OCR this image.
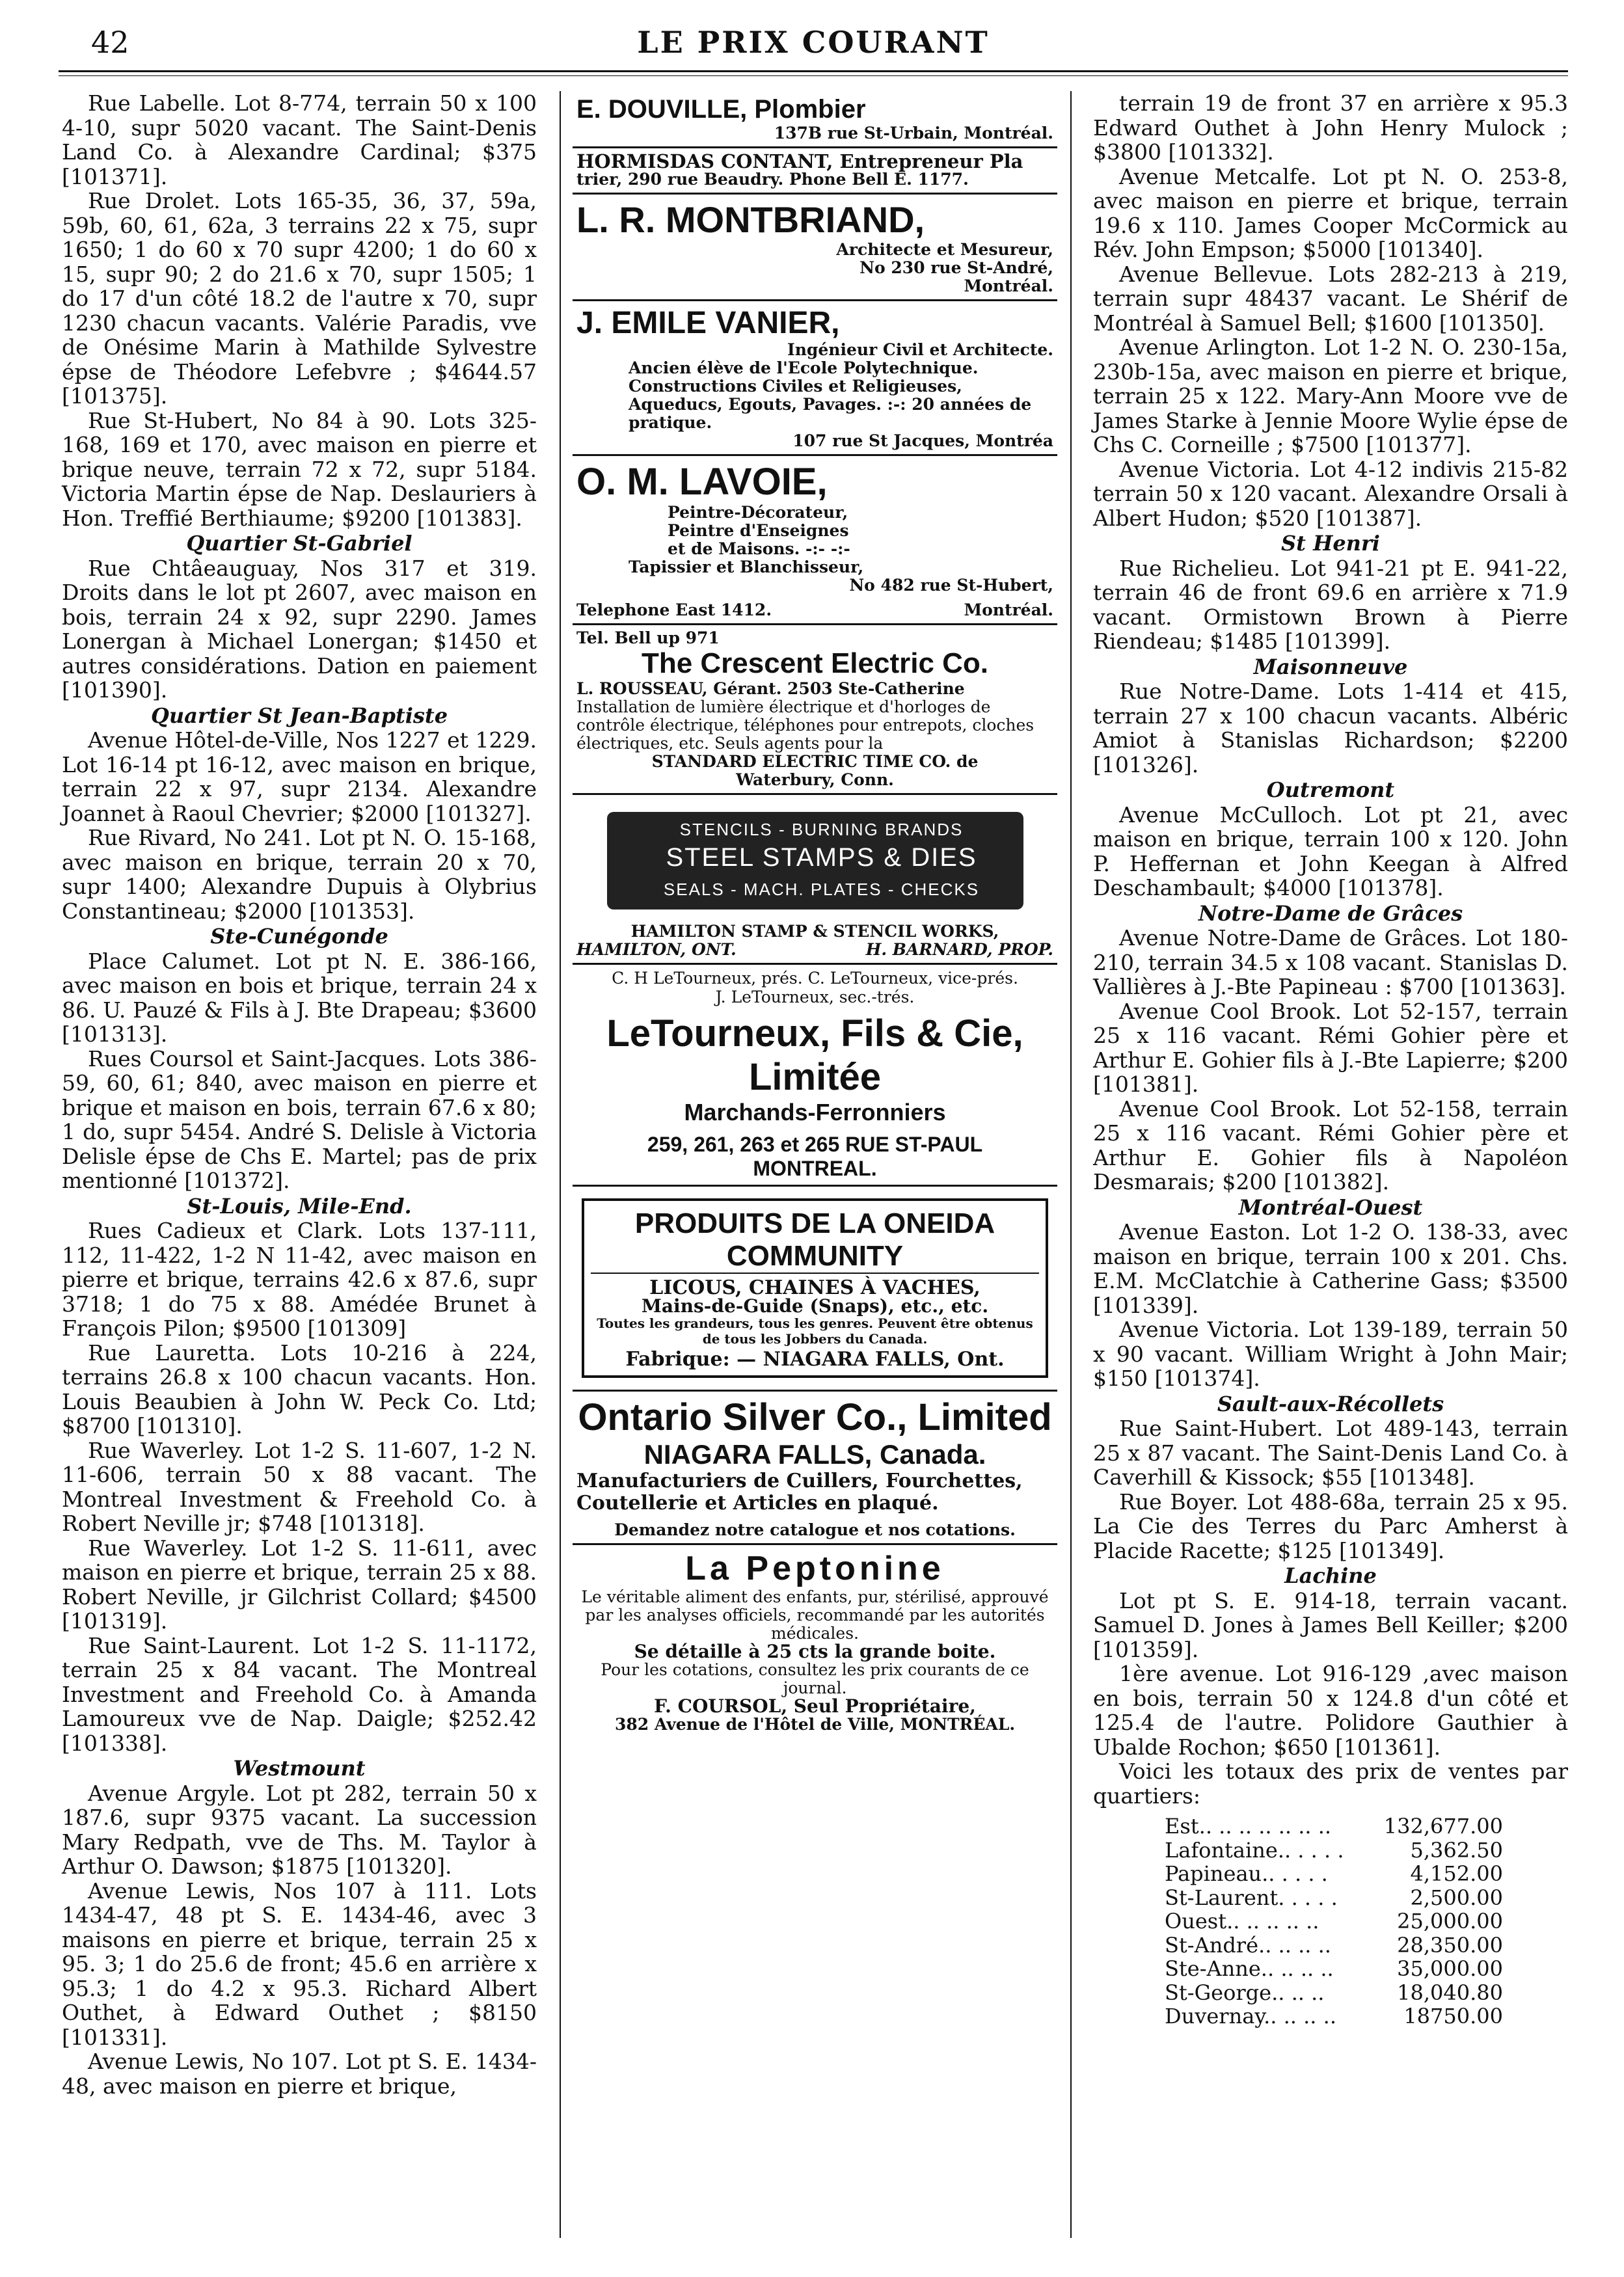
42	LE PRIX COURANT

Rue Labelle. Lot 8-774, terrain 50 x 100 4-10, supr 5020 vacant. The Saint-Denis Land Co. à Alexandre Cardinal; $375 [101371].

Rue Drolet. Lots 165-35, 36, 37, 59a, 59b, 60, 61, 62a, 3 terrains 22 x 75, supr 1650; 1 do 60 x 70 supr 4200; 1 do 60 x 15, supr 90; 2 do 21.6 x 70, supr 1505; 1 do 17 d'un côté 18.2 de l'autre x 70, supr 1230 chacun vacants. Valérie Paradis, vve de Onésime Marin à Mathilde Sylvestre épse de Théodore Lefebvre ; $4644.57 [101375].

Rue St-Hubert, No 84 à 90. Lots 325-168, 169 et 170, avec maison en pierre et brique neuve, terrain 72 x 72, supr 5184. Victoria Martin épse de Nap. Deslauriers à Hon. Treffié Berthiaume; $9200 [101383].

Quartier St-Gabriel

Rue Chtâeauguay, Nos 317 et 319. Droits dans le lot pt 2607, avec maison en bois, terrain 24 x 92, supr 2290. James Lonergan à Michael Lonergan; $1450 et autres considérations. Dation en paiement [101390].

Quartier St Jean-Baptiste

Avenue Hôtel-de-Ville, Nos 1227 et 1229. Lot 16-14 pt 16-12, avec maison en brique, terrain 22 x 97, supr 2134. Alexandre Joannet à Raoul Chevrier; $2000 [101327].

Rue Rivard, No 241. Lot pt N. O. 15-168, avec maison en brique, terrain 20 x 70, supr 1400; Alexandre Dupuis à Olybrius Constantineau; $2000 [101353].

Ste-Cunégonde

Place Calumet. Lot pt N. E. 386-166, avec maison en bois et brique, terrain 24 x 86. U. Pauzé & Fils à J. Bte Drapeau; $3600 [101313].

Rues Coursol et Saint-Jacques. Lots 386-59, 60, 61; 840, avec maison en pierre et brique et maison en bois, terrain 67.6 x 80; 1 do, supr 5454. André S. Delisle à Victoria Delisle épse de Chs E. Martel; pas de prix mentionné [101372].

St-Louis, Mile-End.

Rues Cadieux et Clark. Lots 137-111, 112, 11-422, 1-2 N 11-42, avec maison en pierre et brique, terrains 42.6 x 87.6, supr 3718; 1 do 75 x 88. Amédée Brunet à François Pilon; $9500 [101309]

Rue Lauretta. Lots 10-216 à 224, terrains 26.8 x 100 chacun vacants. Hon. Louis Beaubien à John W. Peck Co. Ltd; $8700 [101310].

Rue Waverley. Lot 1-2 S. 11-607, 1-2 N. 11-606, terrain 50 x 88 vacant. The Montreal Investment & Freehold Co. à Robert Neville jr; $748 [101318].

Rue Waverley. Lot 1-2 S. 11-611, avec maison en pierre et brique, terrain 25 x 88. Robert Neville, jr Gilchrist Collard; $4500 [101319].

Rue Saint-Laurent. Lot 1-2 S. 11-1172, terrain 25 x 84 vacant. The Montreal Investment and Freehold Co. à Amanda Lamoureux vve de Nap. Daigle; $252.42 [101338].

Westmount

Avenue Argyle. Lot pt 282, terrain 50 x 187.6, supr 9375 vacant. La succession Mary Redpath, vve de Ths. M. Taylor à Arthur O. Dawson; $1875 [101320].

Avenue Lewis, Nos 107 à 111. Lots 1434-47, 48 pt S. E. 1434-46, avec 3 maisons en pierre et brique, terrain 25 x 95. 3; 1 do 25.6 de front; 45.6 en arrière x 95.3; 1 do 4.2 x 95.3. Richard Albert Outhet, à Edward Outhet ; $8150 [101331].

Avenue Lewis, No 107. Lot pt S. E. 1434-48, avec maison en pierre et brique,

E. DOUVILLE, Plombier
137B rue St-Urbain, Montréal.
HORMISDAS CONTANT, Entrepreneur Pla
trier, 290 rue Beaudry. Phone Bell E. 1177.
L. R. MONTBRIAND,
Architecte et Mesureur,
No 230 rue St-André,
Montréal.
J. EMILE VANIER,
Ingénieur Civil et Architecte.
Ancien élève de l'Ecole Polytechnique. Constructions Civiles et Religieuses, Aqueducs, Egouts, Pavages. :-: 20 années de pratique.
107 rue St Jacques, Montréa
O. M. LAVOIE,
Peintre-Décorateur,
Peintre d'Enseignes
et de Maisons. -:- -:-
Tapissier et Blanchisseur,
No 482 rue St-Hubert,
Telephone East 1412.	Montréal.
Tel. Bell up 971
The Crescent Electric Co.
L. ROUSSEAU, Gérant. 2503 Ste-Catherine
Installation de lumière électrique et d'horloges de contrôle électrique, téléphones pour entrepots, cloches électriques, etc. Seuls agents pour la
STANDARD ELECTRIC TIME CO. de
Waterbury, Conn.
STENCILS - BURNING BRANDS
STEEL STAMPS & DIES
SEALS - MACH. PLATES - CHECKS
HAMILTON STAMP & STENCIL WORKS,
HAMILTON, ONT.	H. BARNARD, PROP.
C. H LeTourneux, prés. C. LeTourneux, vice-prés.
J. LeTourneux, sec.-trés.
LeTourneux, Fils & Cie, Limitée
Marchands-Ferronniers
259, 261, 263 et 265 RUE ST-PAUL
MONTREAL.
PRODUITS DE LA ONEIDA COMMUNITY
LICOUS, CHAINES À VACHES,
Mains-de-Guide (Snaps), etc., etc.
Toutes les grandeurs, tous les genres. Peuvent être obtenus de tous les Jobbers du Canada.
Fabrique: — NIAGARA FALLS, Ont.
Ontario Silver Co., Limited
NIAGARA FALLS, Canada.
Manufacturiers de Cuillers, Fourchettes, Coutellerie et Articles en plaqué.
Demandez notre catalogue et nos cotations.
La Peptonine
Le véritable aliment des enfants, pur, stérilisé, approuvé par les analyses officiels, recommandé par les autorités médicales.
Se détaille à 25 cts la grande boite.
Pour les cotations, consultez les prix courants de ce journal.
F. COURSOL, Seul Propriétaire,
382 Avenue de l'Hôtel de Ville, MONTRÉAL.

terrain 19 de front 37 en arrière x 95.3 Edward Outhet à John Henry Mulock ; $3800 [101332].

Avenue Metcalfe. Lot pt N. O. 253-8, avec maison en pierre et brique, terrain 19.6 x 110. James Cooper McCormick au Rév. John Empson; $5000 [101340].

Avenue Bellevue. Lots 282-213 à 219, terrain supr 48437 vacant. Le Shérif de Montréal à Samuel Bell; $1600 [101350].

Avenue Arlington. Lot 1-2 N. O. 230-15a, 230b-15a, avec maison en pierre et brique, terrain 25 x 122. Mary-Ann Moore vve de James Starke à Jennie Moore Wylie épse de Chs C. Corneille ; $7500 [101377].

Avenue Victoria. Lot 4-12 indivis 215-82 terrain 50 x 120 vacant. Alexandre Orsali à Albert Hudon; $520 [101387].

St Henri

Rue Richelieu. Lot 941-21 pt E. 941-22, terrain 46 de front 69.6 en arrière x 71.9 vacant. Ormistown Brown à Pierre Riendeau; $1485 [101399].

Maisonneuve

Rue Notre-Dame. Lots 1-414 et 415, terrain 27 x 100 chacun vacants. Albéric Amiot à Stanislas Richardson; $2200 [101326].

Outremont

Avenue McCulloch. Lot pt 21, avec maison en brique, terrain 100 x 120. John P. Heffernan et John Keegan à Alfred Deschambault; $4000 [101378].

Notre-Dame de Grâces

Avenue Notre-Dame de Grâces. Lot 180-210, terrain 34.5 x 108 vacant. Stanislas D. Vallières à J.-Bte Papineau : $700 [101363].

Avenue Cool Brook. Lot 52-157, terrain 25 x 116 vacant. Rémi Gohier père et Arthur E. Gohier fils à J.-Bte Lapierre; $200 [101381].

Avenue Cool Brook. Lot 52-158, terrain 25 x 116 vacant. Rémi Gohier père et Arthur E. Gohier fils à Napoléon Desmarais; $200 [101382].

Montréal-Ouest

Avenue Easton. Lot 1-2 O. 138-33, avec maison en brique, terrain 100 x 201. Chs. E.M. McClatchie à Catherine Gass; $3500 [101339].

Avenue Victoria. Lot 139-189, terrain 50 x 90 vacant. William Wright à John Mair; $150 [101374].

Sault-aux-Récollets

Rue Saint-Hubert. Lot 489-143, terrain 25 x 87 vacant. The Saint-Denis Land Co. à Caverhill & Kissock; $55 [101348].

Rue Boyer. Lot 488-68a, terrain 25 x 95. La Cie des Terres du Parc Amherst à Placide Racette; $125 [101349].

Lachine

Lot pt S. E. 914-18, terrain vacant. Samuel D. Jones à James Bell Keiller; $200 [101359].

1ère avenue. Lot 916-129 ,avec maison en bois, terrain 50 x 124.8 d'un côté et 125.4 de l'autre. Polidore Gauthier à Ubalde Rochon; $650 [101361].

Voici les totaux des prix de ventes par quartiers:

Est.. .. .. .. .. .. ..	132,677.00
Lafontaine.. . . . .	5,362.50
Papineau.. . . . .	4,152.00
St-Laurent. . . . .	2,500.00
Ouest.. .. .. .. ..	25,000.00
St-André.. .. .. ..	28,350.00
Ste-Anne.. .. .. ..	35,000.00
St-George.. .. ..	18,040.80
Duvernay.. .. .. ..	18750.00
